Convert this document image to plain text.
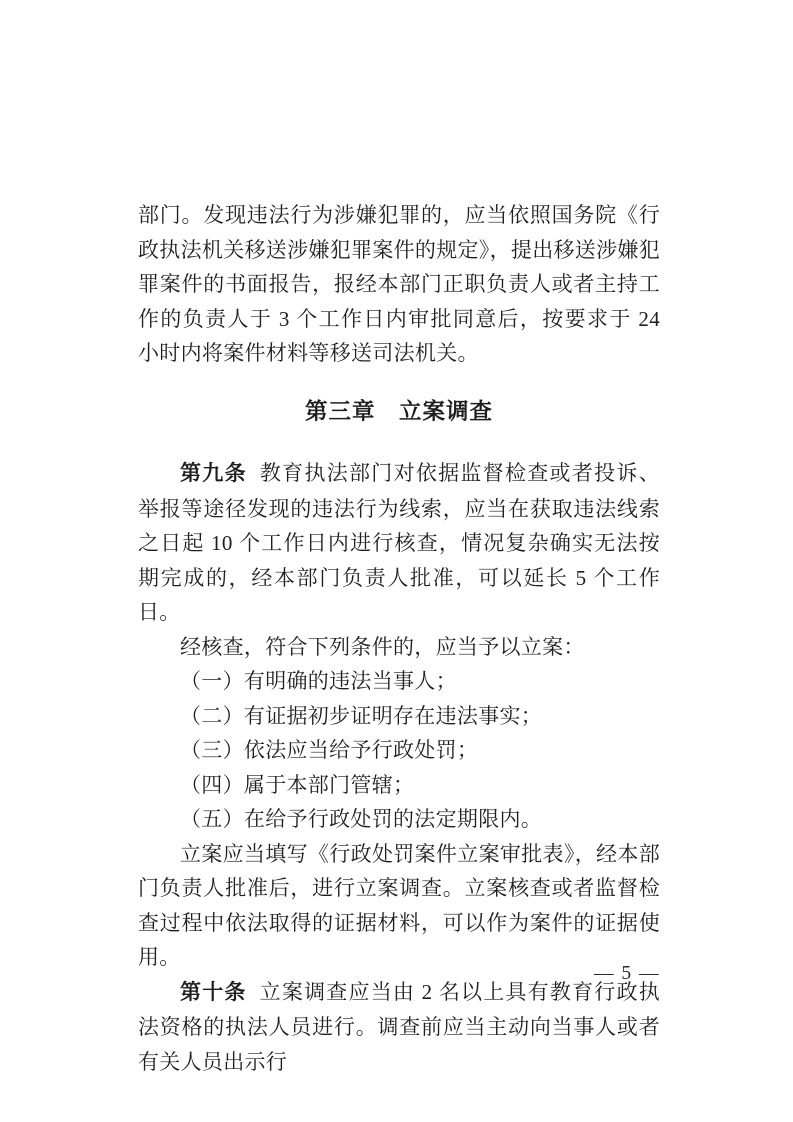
部门。发现违法行为涉嫌犯罪的，应当依照国务院《行政执法机关移送涉嫌犯罪案件的规定》，提出移送涉嫌犯罪案件的书面报告，报经本部门正职负责人或者主持工作的负责人于 3 个工作日内审批同意后，按要求于 24 小时内将案件材料等移送司法机关。

第三章　立案调查

第九条 教育执法部门对依据监督检查或者投诉、举报等途径发现的违法行为线索，应当在获取违法线索之日起 10 个工作日内进行核查，情况复杂确实无法按期完成的，经本部门负责人批准，可以延长 5 个工作日。

经核查，符合下列条件的，应当予以立案：

（一）有明确的违法当事人；

（二）有证据初步证明存在违法事实；

（三）依法应当给予行政处罚；

（四）属于本部门管辖；

（五）在给予行政处罚的法定期限内。

立案应当填写《行政处罚案件立案审批表》，经本部门负责人批准后，进行立案调查。立案核查或者监督检查过程中依法取得的证据材料，可以作为案件的证据使用。

第十条 立案调查应当由 2 名以上具有教育行政执法资格的执法人员进行。调查前应当主动向当事人或者有关人员出示行

— 5 —
